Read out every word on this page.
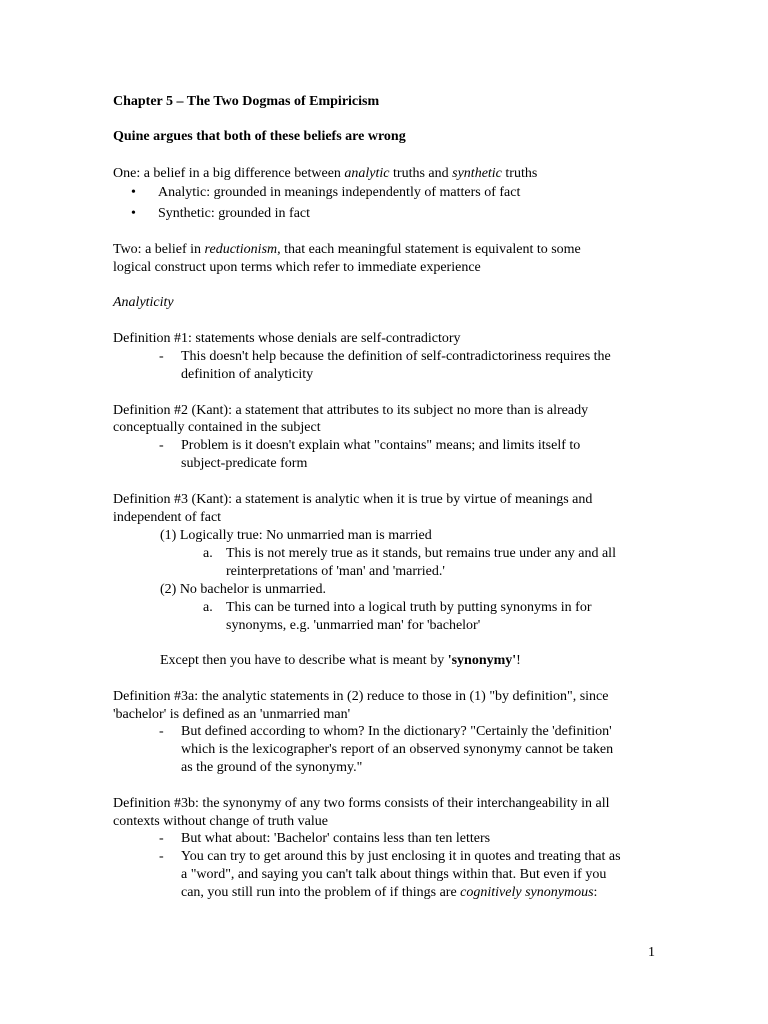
Chapter 5 – The Two Dogmas of Empiricism
Quine argues that both of these beliefs are wrong
One: a belief in a big difference between analytic truths and synthetic truths
• Analytic: grounded in meanings independently of matters of fact
• Synthetic: grounded in fact
Two: a belief in reductionism, that each meaningful statement is equivalent to some
logical construct upon terms which refer to immediate experience
Analyticity
Definition #1: statements whose denials are self-contradictory
- This doesn't help because the definition of self-contradictoriness requires the
definition of analyticity
Definition #2 (Kant): a statement that attributes to its subject no more than is already
conceptually contained in the subject
- Problem is it doesn't explain what "contains" means; and limits itself to
subject-predicate form
Definition #3 (Kant): a statement is analytic when it is true by virtue of meanings and
independent of fact
(1) Logically true: No unmarried man is married
a. This is not merely true as it stands, but remains true under any and all
reinterpretations of 'man' and 'married.'
(2) No bachelor is unmarried.
a. This can be turned into a logical truth by putting synonyms in for
synonyms, e.g. 'unmarried man' for 'bachelor'
Except then you have to describe what is meant by 'synonymy'!
Definition #3a: the analytic statements in (2) reduce to those in (1) "by definition", since
'bachelor' is defined as an 'unmarried man'
- But defined according to whom? In the dictionary? "Certainly the 'definition'
which is the lexicographer's report of an observed synonymy cannot be taken
as the ground of the synonymy."
Definition #3b: the synonymy of any two forms consists of their interchangeability in all
contexts without change of truth value
- But what about: 'Bachelor' contains less than ten letters
- You can try to get around this by just enclosing it in quotes and treating that as
a "word", and saying you can't talk about things within that. But even if you
can, you still run into the problem of if things are cognitively synonymous:
1
